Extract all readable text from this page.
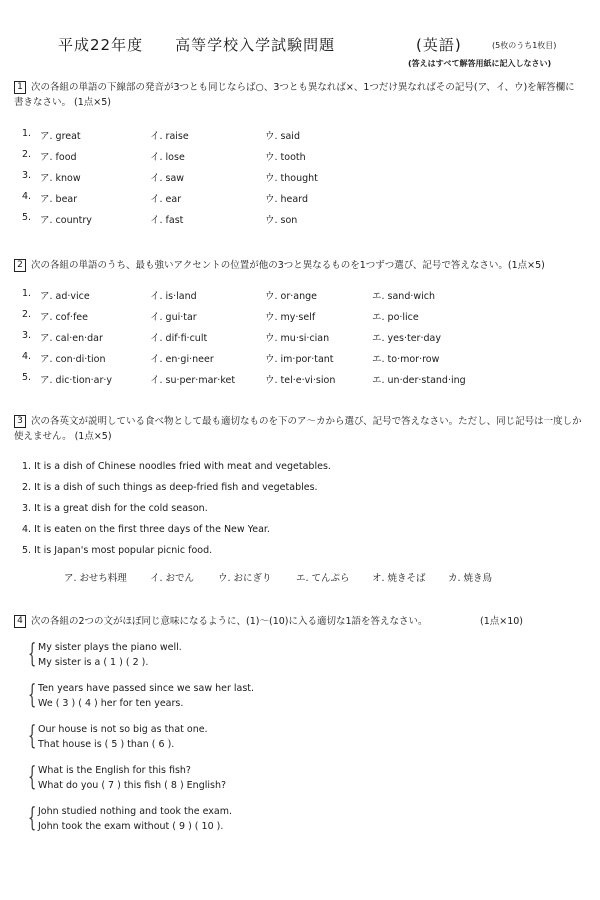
平成22年度　　高等学校入学試験問題	(英語)	(5枚のうち1枚目)
(答えはすべて解答用紙に記入しなさい)
1 次の各組の単語の下線部の発音が3つとも同じならば○、3つとも異なれば×、1つだけ異なればその記号(ア、イ、ウ)を解答欄に書きなさい。 (1点×5)
1. ア. great	イ. raise	ウ. said
2. ア. food	イ. lose	ウ. tooth
3. ア. know	イ. saw	ウ. thought
4. ア. bear	イ. ear	ウ. heard
5. ア. country	イ. fast	ウ. son
2 次の各組の単語のうち、最も強いアクセントの位置が他の3つと異なるものを1つずつ選び、記号で答えなさい。(1点×5)
1. ア. ad·vice	イ. is·land	ウ. or·ange	エ. sand·wich
2. ア. cof·fee	イ. gui·tar	ウ. my·self	エ. po·lice
3. ア. cal·en·dar	イ. dif·fi·cult	ウ. mu·si·cian	エ. yes·ter·day
4. ア. con·di·tion	イ. en·gi·neer	ウ. im·por·tant	エ. to·mor·row
5. ア. dic·tion·ar·y	イ. su·per·mar·ket	ウ. tel·e·vi·sion	エ. un·der·stand·ing
3 次の各英文が説明している食べ物として最も適切なものを下のア〜カから選び、記号で答えなさい。ただし、同じ記号は一度しか使えません。 (1点×5)
1. It is a dish of Chinese noodles fried with meat and vegetables.
2. It is a dish of such things as deep-fried fish and vegetables.
3. It is a great dish for the cold season.
4. It is eaten on the first three days of the New Year.
5. It is Japan's most popular picnic food.
ア. おせち料理 イ. おでん	ウ. おにぎり	エ. てんぷら オ. 焼きそば カ. 焼き鳥
4 次の各組の2つの文がほぼ同じ意味になるように、(1)〜(10)に入る適切な1語を答えなさい。	(1点×10)
{ My sister plays the piano well.
My sister is a ( 1 ) ( 2 ).
{ Ten years have passed since we saw her last.
We ( 3 ) ( 4 ) her for ten years.
{ Our house is not so big as that one.
That house is ( 5 ) than ( 6 ).
{ What is the English for this fish?
What do you ( 7 ) this fish ( 8 ) English?
{ John studied nothing and took the exam.
John took the exam without ( 9 ) ( 10 ).
